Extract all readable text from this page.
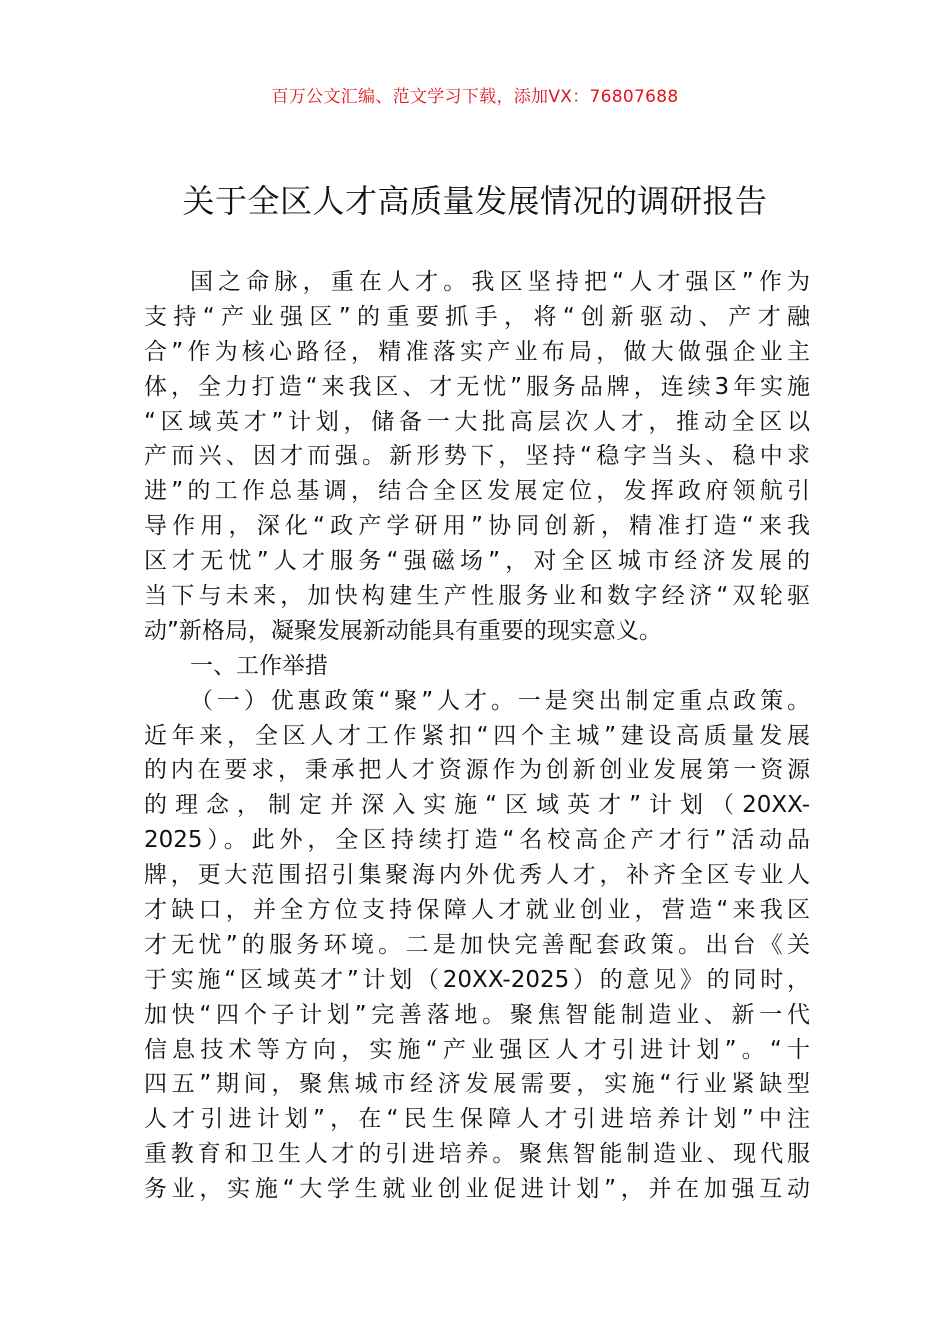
百万公文汇编、范文学习下载，添加VX：76807688
关于全区人才高质量发展情况的调研报告
国之命脉，重在人才。我区坚持把“人才强区”作为
支持“产业强区”的重要抓手，将“创新驱动、产才融
合”作为核心路径，精准落实产业布局，做大做强企业主
体，全力打造“来我区、才无忧”服务品牌，连续3年实施
“区域英才”计划，储备一大批高层次人才，推动全区以
产而兴、因才而强。新形势下，坚持“稳字当头、稳中求
进”的工作总基调，结合全区发展定位，发挥政府领航引
导作用，深化“政产学研用”协同创新，精准打造“来我
区才无忧”人才服务“强磁场”，对全区城市经济发展的
当下与未来，加快构建生产性服务业和数字经济“双轮驱
动”新格局，凝聚发展新动能具有重要的现实意义。
一、工作举措
（一）优惠政策“聚”人才。一是突出制定重点政策。
近年来，全区人才工作紧扣“四个主城”建设高质量发展
的内在要求，秉承把人才资源作为创新创业发展第一资源
的理念，制定并深入实施“区域英才”计划（20XX-
2025）。此外，全区持续打造“名校高企产才行”活动品
牌，更大范围招引集聚海内外优秀人才，补齐全区专业人
才缺口，并全方位支持保障人才就业创业，营造“来我区
才无忧”的服务环境。二是加快完善配套政策。出台《关
于实施“区域英才”计划（20XX-2025）的意见》的同时，
加快“四个子计划”完善落地。聚焦智能制造业、新一代
信息技术等方向，实施“产业强区人才引进计划”。“十
四五”期间，聚焦城市经济发展需要，实施“行业紧缺型
人才引进计划”，在“民生保障人才引进培养计划”中注
重教育和卫生人才的引进培养。聚焦智能制造业、现代服
务业，实施“大学生就业创业促进计划”，并在加强互动
